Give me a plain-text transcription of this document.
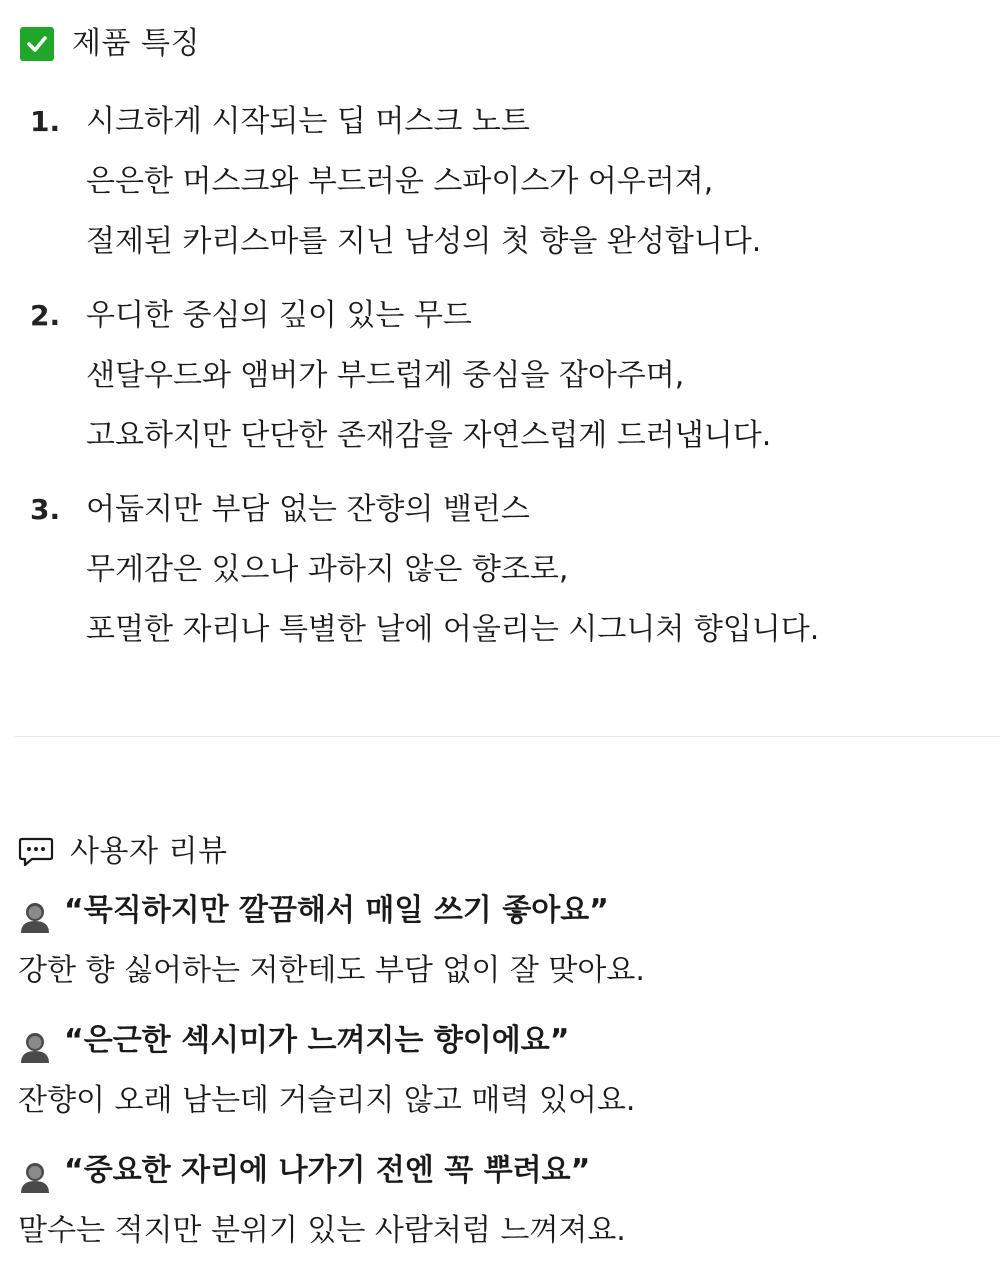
제품 특징
1. 시크하게 시작되는 딥 머스크 노트
은은한 머스크와 부드러운 스파이스가 어우러져,
절제된 카리스마를 지닌 남성의 첫 향을 완성합니다.
2. 우디한 중심의 깊이 있는 무드
샌달우드와 앰버가 부드럽게 중심을 잡아주며,
고요하지만 단단한 존재감을 자연스럽게 드러냅니다.
3. 어둡지만 부담 없는 잔향의 밸런스
무게감은 있으나 과하지 않은 향조로,
포멀한 자리나 특별한 날에 어울리는 시그니처 향입니다.
사용자 리뷰
“묵직하지만 깔끔해서 매일 쓰기 좋아요”
강한 향 싫어하는 저한테도 부담 없이 잘 맞아요.
“은근한 섹시미가 느껴지는 향이에요”
잔향이 오래 남는데 거슬리지 않고 매력 있어요.
“중요한 자리에 나가기 전엔 꼭 뿌려요”
말수는 적지만 분위기 있는 사람처럼 느껴져요.
